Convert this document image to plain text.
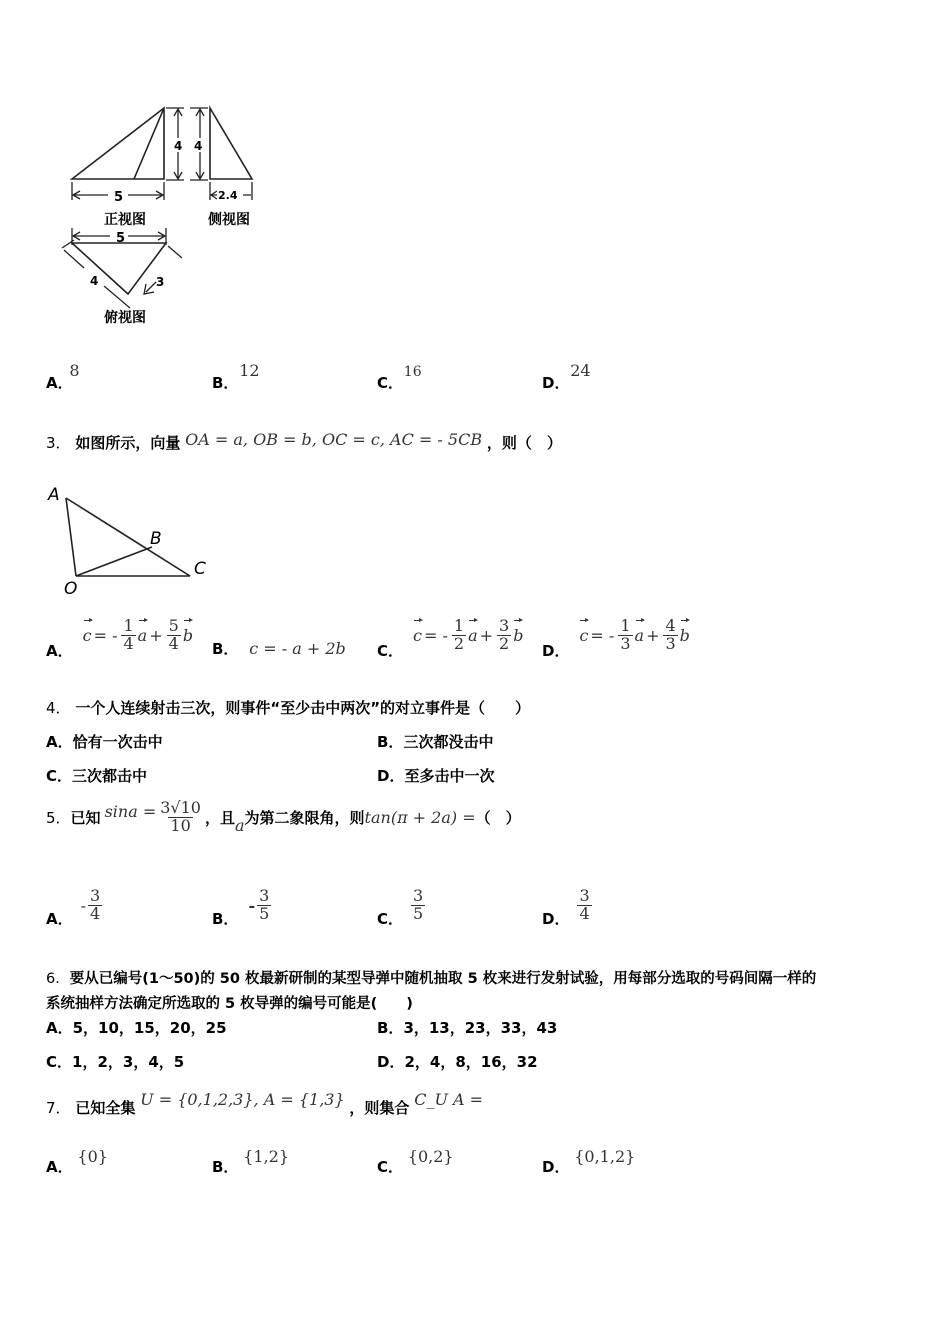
4
5
正视图
4
2.4
侧视图
5
4	3
俯视图
A． 8
B． 12
C． 16
D． 24
3． 如图所示，向量 OA = a, OB = b, OC = c, AC = - 5CB ，则（　）
A
B
C
O
A．
c = - $\frac{1}{4}$ $a + \frac{5}{4}$ b
B． c = - a + 2b C．
c = - $\frac{1}{2}$ $a + \frac{3}{2}$ b
D．
c = - $\frac{1}{3}$ $a + \frac{4}{3}$ b
4． 一个人连续射击三次，则事件“至少击中两次”的对立事件是（　　）
A．恰有一次击中	B．三次都没击中
C．三次都击中	D．至多击中一次
5． 已知 $\sin a = \frac{3√10}{10}$ ，且 a 为第二象限角，则 tan(π + 2a) = （　）
A．
- $\frac{3}{4}$	B．
- $\frac{3}{5}$	C． $\frac{3}{5}$	D． $\frac{3}{4}$
6．要从已编号(1～50)的 50 枚最新研制的某型导弹中随机抽取 5 枚来进行发射试验，用每部分选取的号码间隔一样的
系统抽样方法确定所选取的 5 枚导弹的编号可能是(　　)
A．5，10，15，20，25	B．3，13，23，33，43
C．1，2，3，4，5	D．2，4，8，16，32
7． 已知全集 U = {0,1,2,3}, A = {1,3} ，则集合 C_U A =
A． {0}
B． {1,2}
C． {0,2}
D． {0,1,2}
